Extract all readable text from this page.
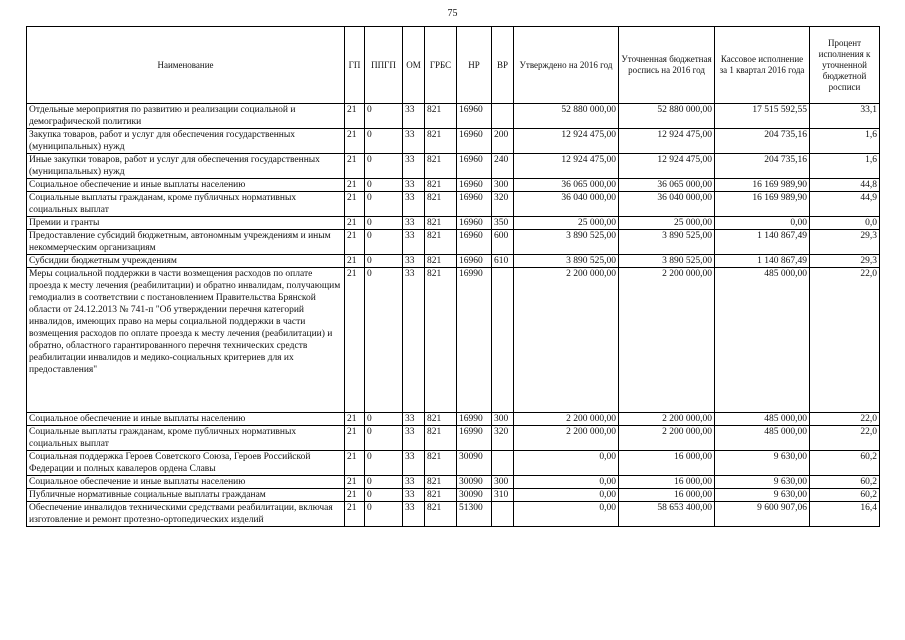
75
Наименование	ГП	ППГП	ОМ	ГРБС	НР	ВР	Утверждено на 2016 год	Уточненная бюджетная роспись на 2016 год	Кассовое исполнение за 1 квартал 2016 года	Процент исполнения к уточненной бюджетной росписи
Отдельные мероприятия по развитию и реализации социальной и демографической политики	21	0	33	821	16960		52 880 000,00	52 880 000,00	17 515 592,55	33,1
Закупка товаров, работ и услуг для обеспечения государственных (муниципальных) нужд	21	0	33	821	16960	200	12 924 475,00	12 924 475,00	204 735,16	1,6
Иные закупки товаров, работ и услуг для обеспечения государственных (муниципальных) нужд	21	0	33	821	16960	240	12 924 475,00	12 924 475,00	204 735,16	1,6
Социальное обеспечение и иные выплаты населению	21	0	33	821	16960	300	36 065 000,00	36 065 000,00	16 169 989,90	44,8
Социальные выплаты гражданам, кроме публичных нормативных социальных выплат	21	0	33	821	16960	320	36 040 000,00	36 040 000,00	16 169 989,90	44,9
Премии и гранты	21	0	33	821	16960	350	25 000,00	25 000,00	0,00	0,0
Предоставление субсидий бюджетным, автономным учреждениям и иным некоммерческим организациям	21	0	33	821	16960	600	3 890 525,00	3 890 525,00	1 140 867,49	29,3
Субсидии бюджетным учреждениям	21	0	33	821	16960	610	3 890 525,00	3 890 525,00	1 140 867,49	29,3
Меры социальной поддержки в части возмещения расходов по оплате проезда к месту лечения (реабилитации) и обратно инвалидам, получающим гемодиализ в соответствии с постановлением Правительства Брянской области от 24.12.2013 № 741-п "Об утверждении перечня категорий инвалидов, имеющих право на меры социальной поддержки в части возмещения расходов по оплате проезда к месту лечения (реабилитации) и обратно, областного гарантированного перечня технических средств реабилитации инвалидов и медико-социальных критериев для их предоставления"	21	0	33	821	16990		2 200 000,00	2 200 000,00	485 000,00	22,0
Социальное обеспечение и иные выплаты населению	21	0	33	821	16990	300	2 200 000,00	2 200 000,00	485 000,00	22,0
Социальные выплаты гражданам, кроме публичных нормативных социальных выплат	21	0	33	821	16990	320	2 200 000,00	2 200 000,00	485 000,00	22,0
Социальная поддержка Героев Советского Союза, Героев Российской Федерации и полных кавалеров ордена Славы	21	0	33	821	30090		0,00	16 000,00	9 630,00	60,2
Социальное обеспечение и иные выплаты населению	21	0	33	821	30090	300	0,00	16 000,00	9 630,00	60,2
Публичные нормативные социальные выплаты гражданам	21	0	33	821	30090	310	0,00	16 000,00	9 630,00	60,2
Обеспечение инвалидов техническими средствами реабилитации, включая изготовление и ремонт протезно-ортопедических изделий	21	0	33	821	51300		0,00	58 653 400,00	9 600 907,06	16,4
